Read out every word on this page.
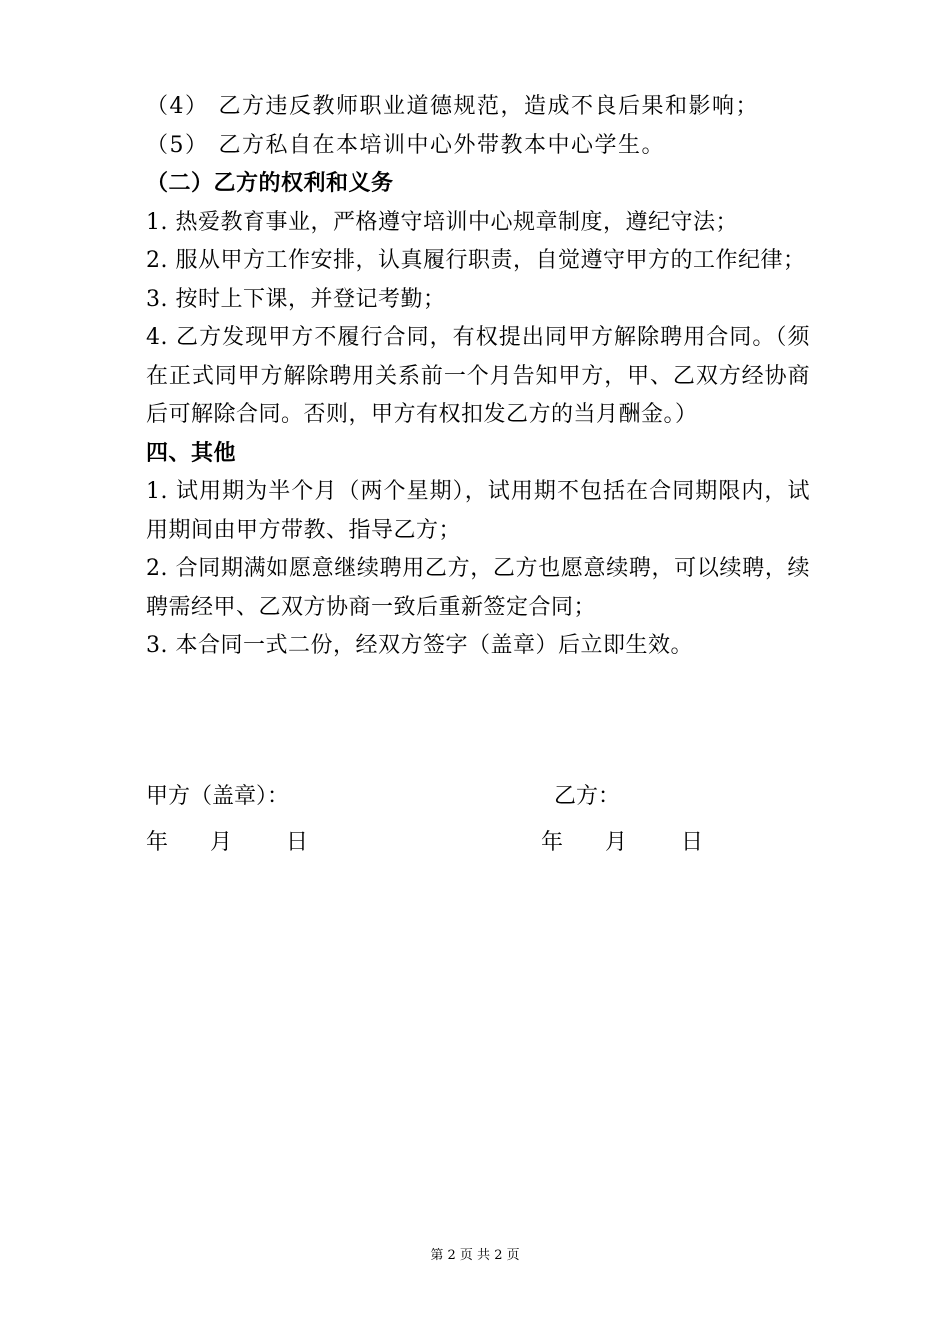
（4） 乙方违反教师职业道德规范，造成不良后果和影响；

（5） 乙方私自在本培训中心外带教本中心学生。

（二）乙方的权利和义务

1. 热爱教育事业，严格遵守培训中心规章制度，遵纪守法；

2. 服从甲方工作安排，认真履行职责，自觉遵守甲方的工作纪律；

3. 按时上下课，并登记考勤；

4. 乙方发现甲方不履行合同，有权提出同甲方解除聘用合同。（须在正式同甲方解除聘用关系前一个月告知甲方，甲、乙双方经协商后可解除合同。否则，甲方有权扣发乙方的当月酬金。）

四、其他

1. 试用期为半个月（两个星期），试用期不包括在合同期限内，试用期间由甲方带教、指导乙方；

2. 合同期满如愿意继续聘用乙方，乙方也愿意续聘，可以续聘，续聘需经甲、乙双方协商一致后重新签定合同；

3. 本合同一式二份，经双方签字（盖章）后立即生效。

甲方（盖章）：	乙方：
年 月 日	年 月 日
第 2 页 共 2 页
